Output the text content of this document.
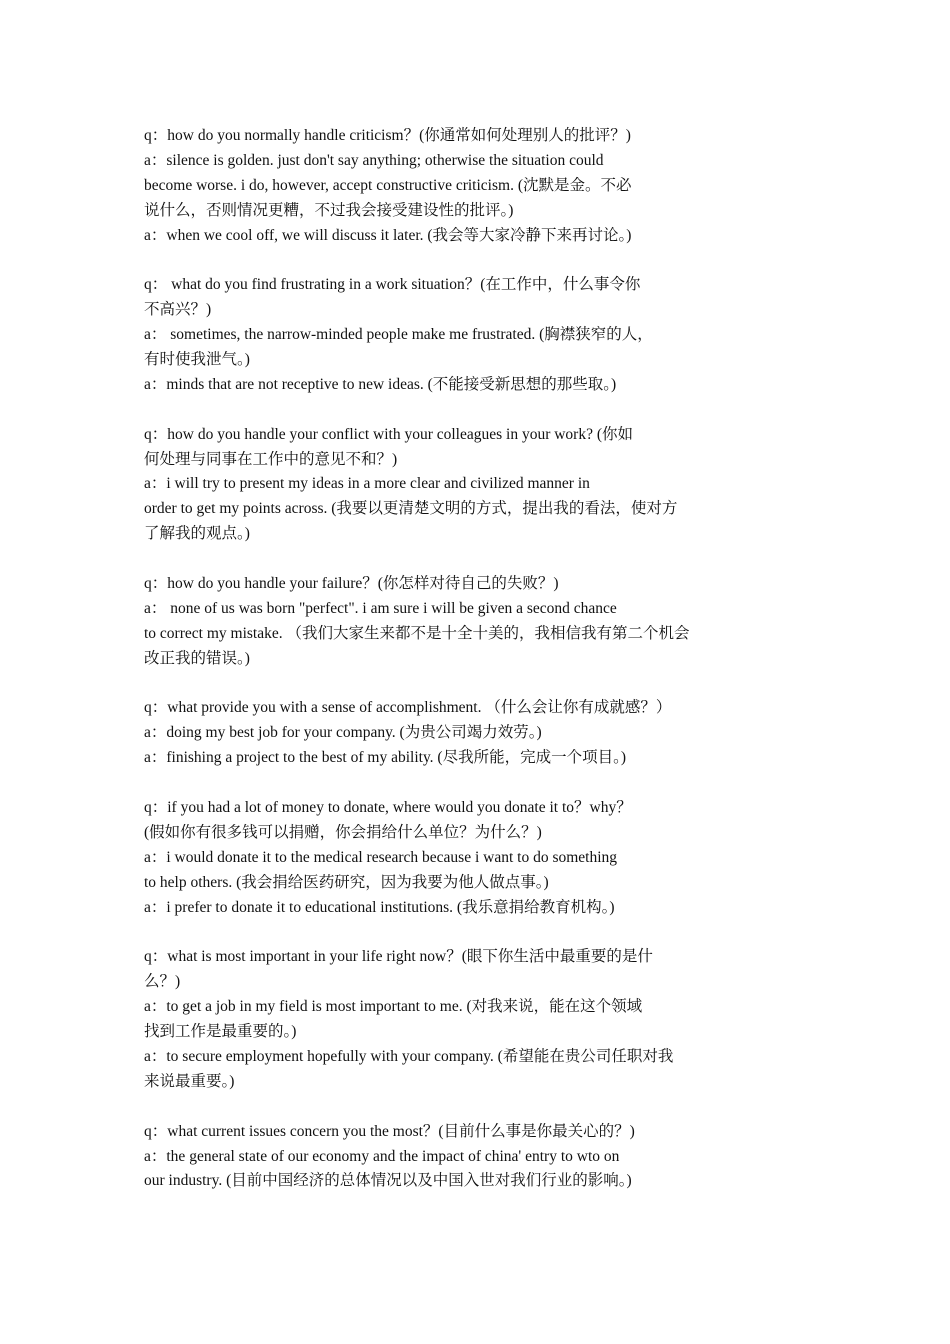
q：how do you normally handle criticism？(你通常如何处理别人的批评？)
a：silence is golden. just don't say anything; otherwise the situation could
become worse. i do, however, accept constructive criticism. (沈默是金。不必
说什么，否则情况更糟，不过我会接受建设性的批评。)
a：when we cool off, we will discuss it later. (我会等大家冷静下来再讨论。)
q： what do you find frustrating in a work situation？(在工作中，什么事令你
不高兴？)
a： sometimes, the narrow-minded people make me frustrated. (胸襟狭窄的人，
有时使我泄气。)
a：minds that are not receptive to new ideas. (不能接受新思想的那些取。)
q：how do you handle your conflict with your colleagues in your work? (你如
何处理与同事在工作中的意见不和？)
a：i will try to present my ideas in a more clear and civilized manner in
order to get my points across. (我要以更清楚文明的方式，提出我的看法，使对方
了解我的观点。)
q：how do you handle your failure？(你怎样对待自己的失败？)
a： none of us was born "perfect". i am sure i will be given a second chance
to correct my mistake. （我们大家生来都不是十全十美的，我相信我有第二个机会
改正我的错误。)
q：what provide you with a sense of accomplishment. （什么会让你有成就感？）
a：doing my best job for your company. (为贵公司竭力效劳。)
a：finishing a project to the best of my ability. (尽我所能，完成一个项目。)
q：if you had a lot of money to donate, where would you donate it to？why？
(假如你有很多钱可以捐赠，你会捐给什么单位？为什么？)
a：i would donate it to the medical research because i want to do something
to help others. (我会捐给医药研究，因为我要为他人做点事。)
a：i prefer to donate it to educational institutions. (我乐意捐给教育机构。)
q：what is most important in your life right now？(眼下你生活中最重要的是什
么？)
a：to get a job in my field is most important to me. (对我来说，能在这个领域
找到工作是最重要的。)
a：to secure employment hopefully with your company. (希望能在贵公司任职对我
来说最重要。)
q：what current issues concern you the most？(目前什么事是你最关心的？)
a：the general state of our economy and the impact of china' entry to wto on
our industry. (目前中国经济的总体情况以及中国入世对我们行业的影响。)
